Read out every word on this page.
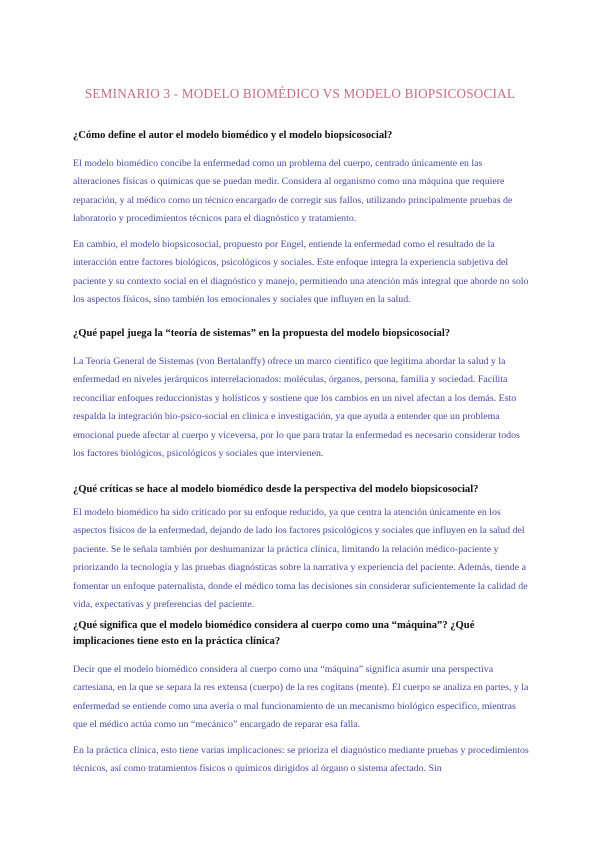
SEMINARIO 3 - MODELO BIOMÉDICO VS MODELO BIOPSICOSOCIAL

¿Cómo define el autor el modelo biomédico y el modelo biopsicosocial?

El modelo biomédico concibe la enfermedad como un problema del cuerpo, centrado únicamente en las alteraciones físicas o químicas que se puedan medir. Considera al organismo como una máquina que requiere reparación, y al médico como un técnico encargado de corregir sus fallos, utilizando principalmente pruebas de laboratorio y procedimientos técnicos para el diagnóstico y tratamiento.

En cambio, el modelo biopsicosocial, propuesto por Engel, entiende la enfermedad como el resultado de la interacción entre factores biológicos, psicológicos y sociales. Este enfoque integra la experiencia subjetiva del paciente y su contexto social en el diagnóstico y manejo, permitiendo una atención más integral que aborde no solo los aspectos físicos, sino también los emocionales y sociales que influyen en la salud.

¿Qué papel juega la “teoría de sistemas” en la propuesta del modelo biopsicosocial?

La Teoría General de Sistemas (von Bertalanffy) ofrece un marco científico que legitima abordar la salud y la enfermedad en niveles jerárquicos interrelacionados: moléculas, órganos, persona, familia y sociedad. Facilita reconciliar enfoques reduccionistas y holísticos y sostiene que los cambios en un nivel afectan a los demás. Esto respalda la integración bio-psico-social en clínica e investigación, ya que ayuda a entender que un problema emocional puede afectar al cuerpo y viceversa, por lo que para tratar la enfermedad es necesario considerar todos los factores biológicos, psicológicos y sociales que intervienen.

¿Qué críticas se hace al modelo biomédico desde la perspectiva del modelo biopsicosocial?

El modelo biomédico ha sido criticado por su enfoque reducido, ya que centra la atención únicamente en los aspectos físicos de la enfermedad, dejando de lado los factores psicológicos y sociales que influyen en la salud del paciente. Se le señala también por deshumanizar la práctica clínica, limitando la relación médico-paciente y priorizando la tecnología y las pruebas diagnósticas sobre la narrativa y experiencia del paciente. Además, tiende a fomentar un enfoque paternalista, donde el médico toma las decisiones sin considerar suficientemente la calidad de vida, expectativas y preferencias del paciente.

¿Qué significa que el modelo biomédico considera al cuerpo como una “máquina”? ¿Qué implicaciones tiene esto en la práctica clínica?

Decir que el modelo biomédico considera al cuerpo como una “máquina” significa asumir una perspectiva cartesiana, en la que se separa la res extensa (cuerpo) de la res cogitans (mente). El cuerpo se analiza en partes, y la enfermedad se entiende como una avería o mal funcionamiento de un mecanismo biológico específico, mientras que el médico actúa como un “mecánico” encargado de reparar esa falla.

En la práctica clínica, esto tiene varias implicaciones: se prioriza el diagnóstico mediante pruebas y procedimientos técnicos, así como tratamientos físicos o químicos dirigidos al órgano o sistema afectado. Sin
